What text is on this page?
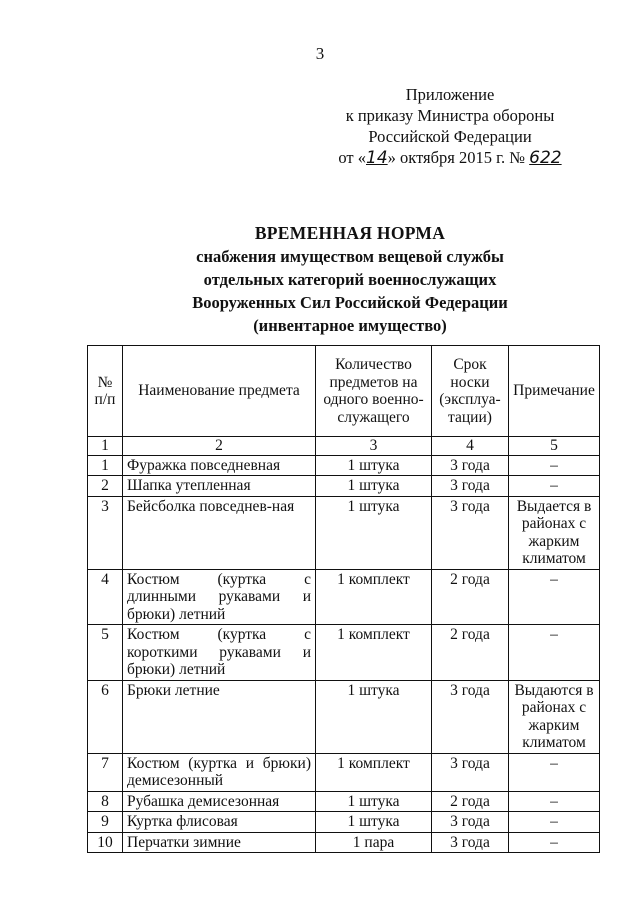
3
Приложение
к приказу Министра обороны
Российской Федерации
от «14» октября 2015 г. № 622
ВРЕМЕННАЯ НОРМА
снабжения имуществом вещевой службы
отдельных категорий военнослужащих
Вооруженных Сил Российской Федерации
(инвентарное имущество)
№ п/п	Наименование предмета	Количество предметов на одного военно-служащего	Срок носки (эксплуа-тации)	Примечание
1	2	3	4	5
1	Фуражка повседневная	1 штука	3 года	–
2	Шапка утепленная	1 штука	3 года	–
3	Бейсболка повседнев-ная	1 штука	3 года	Выдается в районах с жарким климатом
4	Костюм (куртка с длинными рукавами и брюки) летний	1 комплект	2 года	–
5	Костюм (куртка с короткими рукавами и брюки) летний	1 комплект	2 года	–
6	Брюки летние	1 штука	3 года	Выдаются в районах с жарким климатом
7	Костюм (куртка и брюки) демисезонный	1 комплект	3 года	–
8	Рубашка демисезонная	1 штука	2 года	–
9	Куртка флисовая	1 штука	3 года	–
10	Перчатки зимние	1 пара	3 года	–
